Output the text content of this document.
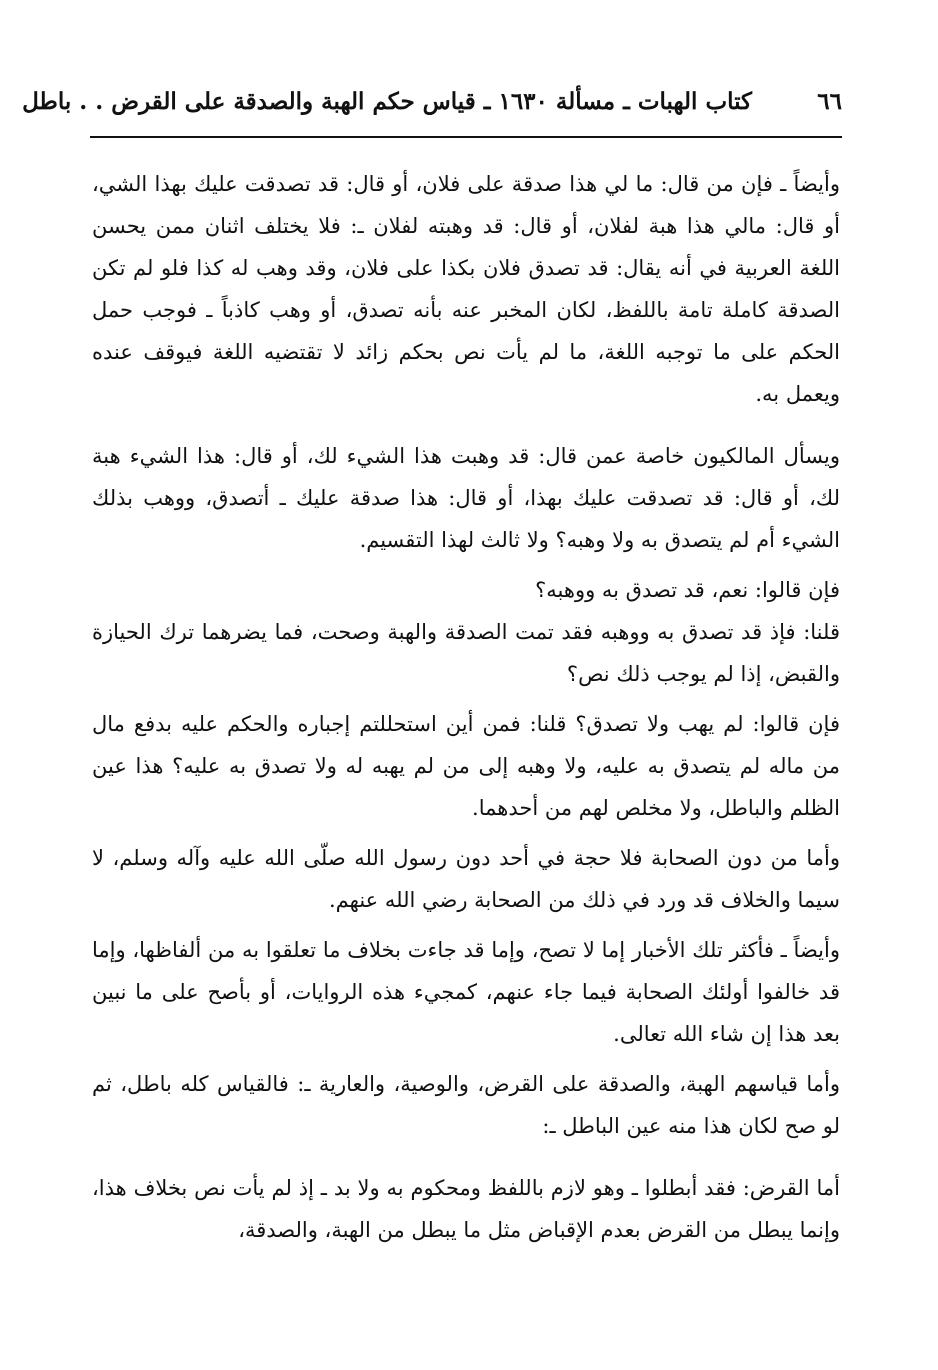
٦٦
كتاب الهبات ـ مسألة ١٦٣٠ ـ قياس حكم الهبة والصدقة على القرض . . باطل

وأيضاً ـ فإن من قال: ما لي هذا صدقة على فلان، أو قال: قد تصدقت عليك بهذا الشي، أو قال: مالي هذا هبة لفلان، أو قال: قد وهبته لفلان ـ: فلا يختلف اثنان ممن يحسن اللغة العربية في أنه يقال: قد تصدق فلان بكذا على فلان، وقد وهب له كذا فلو لم تكن الصدقة كاملة تامة باللفظ، لكان المخبر عنه بأنه تصدق، أو وهب كاذباً ـ فوجب حمل الحكم على ما توجبه اللغة، ما لم يأت نص بحكم زائد لا تقتضيه اللغة فيوقف عنده ويعمل به.

ويسأل المالكيون خاصة عمن قال: قد وهبت هذا الشيء لك، أو قال: هذا الشيء هبة لك، أو قال: قد تصدقت عليك بهذا، أو قال: هذا صدقة عليك ـ أتصدق، ووهب بذلك الشيء أم لم يتصدق به ولا وهبه؟ ولا ثالث لهذا التقسيم.

فإن قالوا: نعم، قد تصدق به ووهبه؟

قلنا: فإذ قد تصدق به ووهبه فقد تمت الصدقة والهبة وصحت، فما يضرهما ترك الحيازة والقبض، إذا لم يوجب ذلك نص؟

فإن قالوا: لم يهب ولا تصدق؟ قلنا: فمن أين استحللتم إجباره والحكم عليه بدفع مال من ماله لم يتصدق به عليه، ولا وهبه إلى من لم يهبه له ولا تصدق به عليه؟ هذا عين الظلم والباطل، ولا مخلص لهم من أحدهما.

وأما من دون الصحابة فلا حجة في أحد دون رسول الله صلّى الله عليه وآله وسلم، لا سيما والخلاف قد ورد في ذلك من الصحابة رضي الله عنهم.

وأيضاً ـ فأكثر تلك الأخبار إما لا تصح، وإما قد جاءت بخلاف ما تعلقوا به من ألفاظها، وإما قد خالفوا أولئك الصحابة فيما جاء عنهم، كمجيء هذه الروايات، أو بأصح على ما نبين بعد هذا إن شاء الله تعالى.

وأما قياسهم الهبة، والصدقة على القرض، والوصية، والعارية ـ: فالقياس كله باطل، ثم لو صح لكان هذا منه عين الباطل ـ:

أما القرض: فقد أبطلوا ـ وهو لازم باللفظ ومحكوم به ولا بد ـ إذ لم يأت نص بخلاف هذا، وإنما يبطل من القرض بعدم الإقباض مثل ما يبطل من الهبة، والصدقة،
